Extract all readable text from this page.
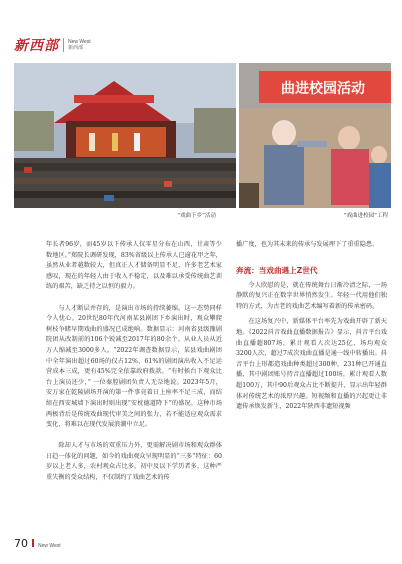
新西部 New West
新西部
曲进校园活动
“戏曲下乡”活动	“戏曲进校园”工程

年长者96岁，而45岁以下传承人仅零星分布在山西、甘肃等少数地区。”郑院长调研发现，83%省级以上传承人已逾花甲之年，虽然从业者越数较大，但真正人才储备明显不足，许多老艺术家感叹，现在的年轻人由于收入不稳定，以及难以承受传统曲艺训练的艰苦，缺乏持之以恒的毅力。

与人才断层并存的，是演出市场的持续萎缩。这一态势同样令人忧心。20世纪80年代河南某县剧团下乡演出时，观众攀爬树枝争睹早期戏曲的盛况已成绝响。数据显示：河南省县级豫剧院团从改制前的106个锐减至2017年的80余个。从业人员从近万人缩减至3000多人。“2022年调查数据显示，某县戏曲剧团中全年演出超过60场的仅占12%，61%的剧团演出收入不足运营成本三成，更有45%完全依靠政府拨款。“有时候台下观众比台上演员还少，” 一位秦腔剧团负责人无奈地说。2023年5月，安万家在乾陵剧场开演的第一件事竟着日上座率不足三成，而结缔在西安城墙下演出时则出现“安枕德道降下”的盛况。这种市场两极背后是传统戏曲现代审美之间的张力，若不能适应观众需求变化，将难以在现代发展浪潮中立足。

除却人才与市场的双重压力外，更需解决剧市场和观众群体日趋一体化的问题，如今的戏曲观众呈现明显的“三多”特征：60岁以上老人多，农村观众占比多，初中及以下学历者多，这种严重失衡的受众结构，不仅制约了戏曲艺术的传

播广度，也为其未来的传承与发展埋下了重重隐患。

奔流：当戏曲遇上Z世代

令人欣慰的是，就在传统舞台日渐冷清之际，一场静默的复兴正在数字世界悄然发生。年轻一代用他们独特的方式，为古老的戏曲艺术编写着新的传承密码。

在这场复兴中，新媒体平台率先为戏曲开辟了新天地。《2022抖音戏曲直播数据报告》显示，抖音平台戏曲直播超807场，累计观看人次达25亿，场均观众3200人次，超过7成次戏曲直播是通一线中转播出。抖音平台上形都造戏曲种类超过300种，231种已开通直播，其中剧团账号持音直播超过100场，累计观看人数超100万，其中90后观众占比不断提升，显示出年轻群体对传统艺术的浓厚兴趣。短视频和直播的兴起更让非遗传承焕发新生，2022年陕西非遗短视频

70 New West
